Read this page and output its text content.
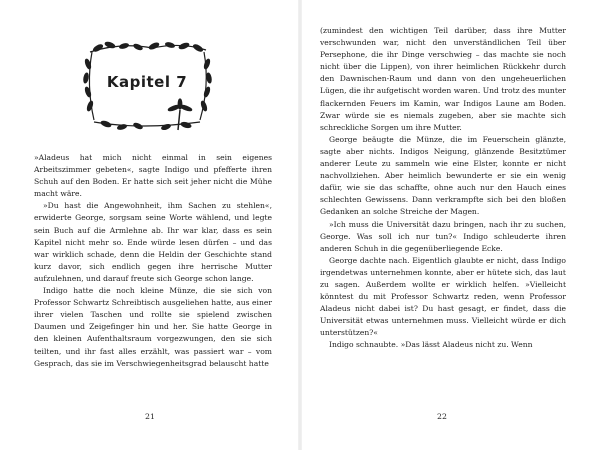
Kapitel 7

»Aladeus hat mich nicht einmal in sein eigenes Arbeitszimmer gebeten«, sagte Indigo und pfefferte ihren Schuh auf den Boden. Er hatte sich seit jeher nicht die Mühe macht wäre.

»Du hast die Angewohnheit, ihm Sachen zu stehlen«, erwiderte George, sorgsam seine Worte wählend, und legte sein Buch auf die Armlehne ab. Ihr war klar, dass es sein Kapitel nicht mehr so. Ende würde lesen dürfen – und das war wirklich schade, denn die Heldin der Geschichte stand kurz davor, sich endlich gegen ihre herrische Mutter aufzulehnen, und darauf freute sich George schon lange.

Indigo hatte die noch kleine Münze, die sie sich von Professor Schwartz Schreibtisch ausgeliehen hatte, aus einer ihrer vielen Taschen und rollte sie spielend zwischen Daumen und Zeigefinger hin und her. Sie hatte George in den kleinen Aufenthaltsraum vorgezwungen, den sie sich teilten, und ihr fast alles erzählt, was passiert war – vom Gesprach, das sie im Verschwiegenheitsgrad belauscht hatte

21

(zumindest den wichtigen Teil darüber, dass ihre Mutter verschwunden war, nicht den unverständlichen Teil über Persephone, die ihr Dinge verschwieg – das machte sie noch nicht über die Lippen), von ihrer heimlichen Rückkehr durch den Dawnischen-Raum und dann von den ungeheuerlichen Lügen, die ihr aufgetischt worden waren. Und trotz des munter flackernden Feuers im Kamin, war Indigos Laune am Boden. Zwar würde sie es niemals zugeben, aber sie machte sich schreckliche Sorgen um ihre Mutter.

George beäugte die Münze, die im Feuerschein glänzte, sagte aber nichts. Indigos Neigung, glänzende Besitztümer anderer Leute zu sammeln wie eine Elster, konnte er nicht nachvollziehen. Aber heimlich bewunderte er sie ein wenig dafür, wie sie das schaffte, ohne auch nur den Hauch eines schlechten Gewissens. Dann verkrampfte sich bei den bloßen Gedanken an solche Streiche der Magen.

»Ich muss die Universität dazu bringen, nach ihr zu suchen, George. Was soll ich nur tun?« Indigo schleuderte ihren anderen Schuh in die gegenüberliegende Ecke.

George dachte nach. Eigentlich glaubte er nicht, dass Indigo irgendetwas unternehmen konnte, aber er hütete sich, das laut zu sagen. Außerdem wollte er wirklich helfen. »Vielleicht könntest du mit Professor Schwartz reden, wenn Professor Aladeus nicht dabei ist? Du hast gesagt, er findet, dass die Universität etwas unternehmen muss. Vielleicht würde er dich unterstützen?«

Indigo schnaubte. »Das lässt Aladeus nicht zu. Wenn

22
